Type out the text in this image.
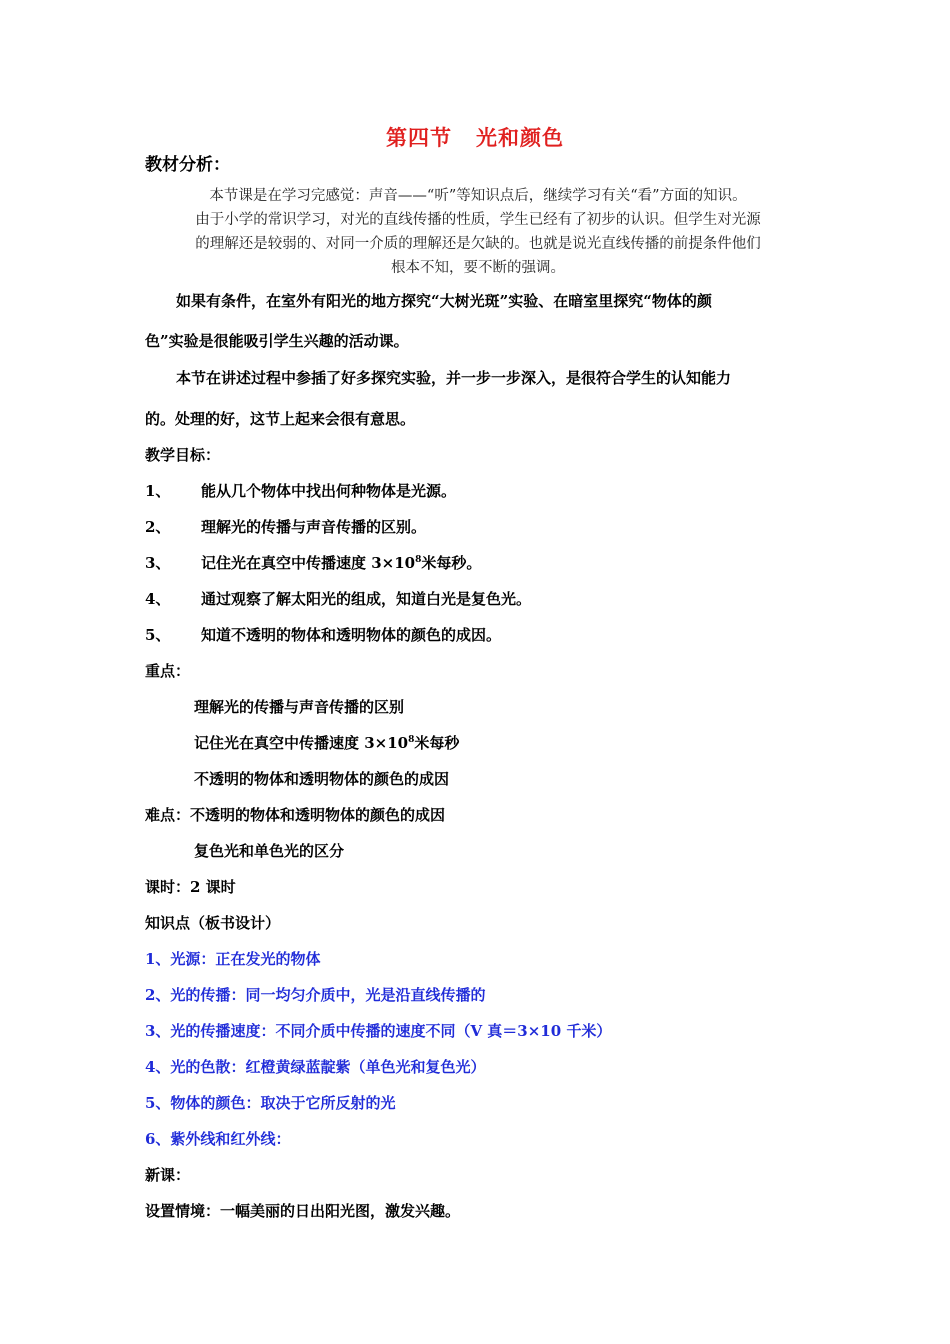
第四节 光和颜色
教材分析：
本节课是在学习完感觉：声音——“听”等知识点后，继续学习有关“看”方面的知识。
由于小学的常识学习，对光的直线传播的性质，学生已经有了初步的认识。但学生对光源
的理解还是较弱的、对同一介质的理解还是欠缺的。也就是说光直线传播的前提条件他们
根本不知，要不断的强调。
如果有条件，在室外有阳光的地方探究“大树光斑”实验、在暗室里探究“物体的颜
色”实验是很能吸引学生兴趣的活动课。
本节在讲述过程中参插了好多探究实验，并一步一步深入，是很符合学生的认知能力
的。处理的好，这节上起来会很有意思。
教学目标：
1、 能从几个物体中找出何种物体是光源。
2、 理解光的传播与声音传播的区别。
3、 记住光在真空中传播速度 $3\times 10^8$米每秒。
4、 通过观察了解太阳光的组成，知道白光是复色光。
5、 知道不透明的物体和透明物体的颜色的成因。
重点：
理解光的传播与声音传播的区别
记住光在真空中传播速度 $3\times 10^8$米每秒
不透明的物体和透明物体的颜色的成因
难点：不透明的物体和透明物体的颜色的成因
复色光和单色光的区分
课时：2 课时
知识点（板书设计）
1、光源：正在发光的物体
2、光的传播：同一均匀介质中，光是沿直线传播的
3、光的传播速度：不同介质中传播的速度不同（V 真＝3×10 千米）
4、光的色散：红橙黄绿蓝靛紫（单色光和复色光）
5、物体的颜色：取决于它所反射的光
6、紫外线和红外线：
新课：
设置情境：一幅美丽的日出阳光图，激发兴趣。
